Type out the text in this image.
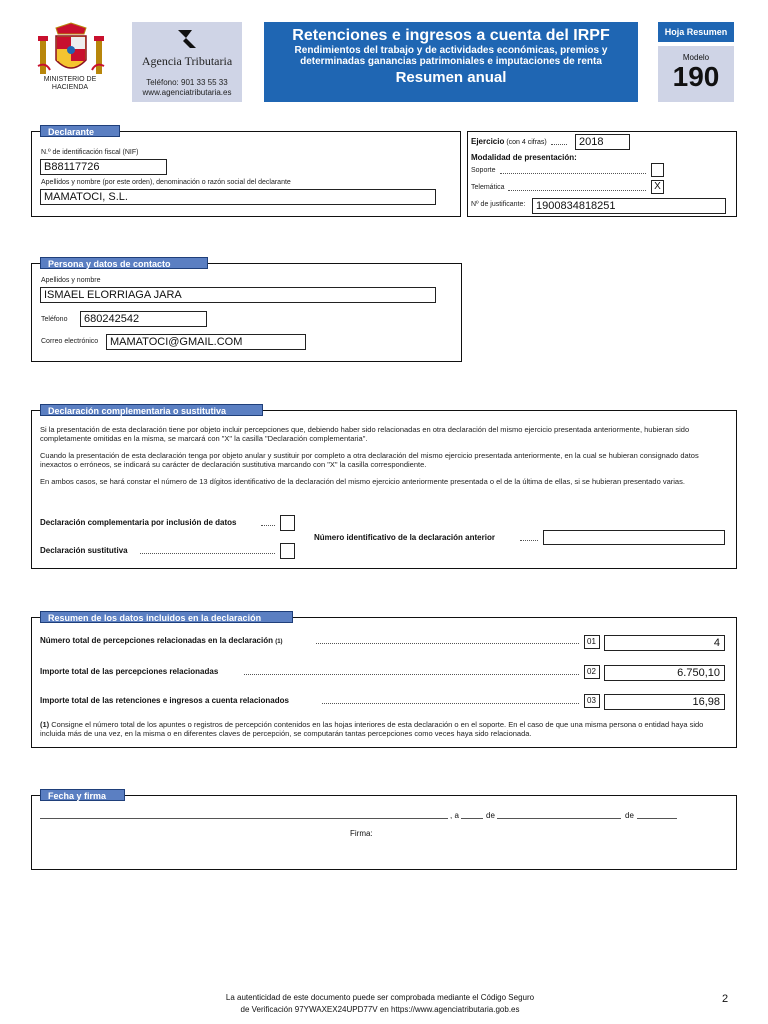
MINISTERIO DE HACIENDA
Agencia Tributaria
Teléfono: 901 33 55 33
www.agenciatributaria.es
Retenciones e ingresos a cuenta del IRPF
Rendimientos del trabajo y de actividades económicas, premios y determinadas ganancias patrimoniales e imputaciones de renta
Resumen anual
Hoja Resumen
Modelo
190
Declarante
N.º de identificación fiscal (NIF)
B88117726
Apellidos y nombre (por este orden), denominación o razón social del declarante
MAMATOCI, S.L.
Ejercicio (con 4 cifras)	2018
Modalidad de presentación:
Soporte
Telemática	X
Nº de justificante: 1900834818251
Persona y datos de contacto
Apellidos y nombre
ISMAEL ELORRIAGA JARA
Teléfono	680242542
Correo electrónico	MAMATOCI@GMAIL.COM
Declaración complementaria o sustitutiva
Si la presentación de esta declaración tiene por objeto incluir percepciones que, debiendo haber sido relacionadas en otra declaración del mismo ejercicio presentada anteriormente, hubieran sido completamente omitidas en la misma, se marcará con "X" la casilla "Declaración complementaria".
Cuando la presentación de esta declaración tenga por objeto anular y sustituir por completo a otra declaración del mismo ejercicio presentada anteriormente, en la cual se hubieran consignado datos inexactos o erróneos, se indicará su carácter de declaración sustitutiva marcando con "X" la casilla correspondiente.
En ambos casos, se hará constar el número de 13 dígitos identificativo de la declaración del mismo ejercicio anteriormente presentada o el de la última de ellas, si se hubieran presentado varias.
Declaración complementaria por inclusión de datos
Declaración sustitutiva
Número identificativo de la declaración anterior
Resumen de los datos incluidos en la declaración
Número total de percepciones relacionadas en la declaración (1)	01	4
Importe total de las percepciones relacionadas	02	6.750,10
Importe total de las retenciones e ingresos a cuenta relacionados	03	16,98
(1) Consigne el número total de los apuntes o registros de percepción contenidos en las hojas interiores de esta declaración o en el soporte. En el caso de que una misma persona o entidad haya sido incluida más de una vez, en la misma o en diferentes claves de percepción, se computarán tantas percepciones como veces haya sido relacionada.
Fecha y firma
, a	de	de
Firma:
La autenticidad de este documento puede ser comprobada mediante el Código Seguro
de Verificación 97YWAXEX24UPD77V en https://www.agenciatributaria.gob.es
2
